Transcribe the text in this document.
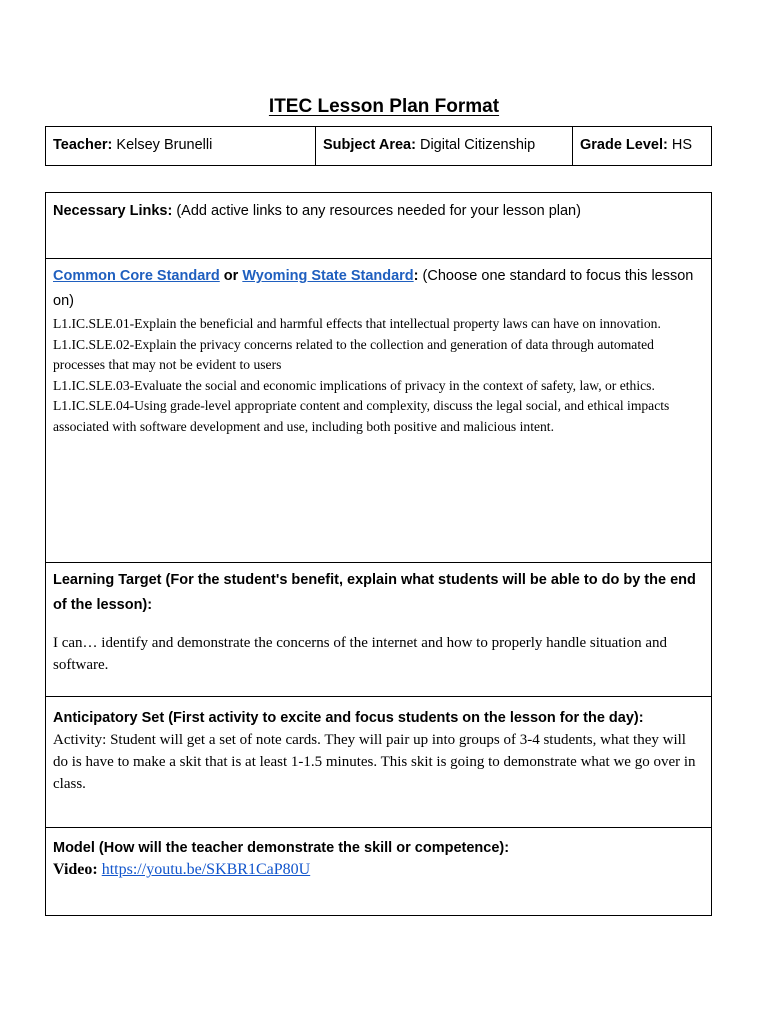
ITEC Lesson Plan Format
Teacher: Kelsey Brunelli	Subject Area: Digital Citizenship	Grade Level: HS
Necessary Links: (Add active links to any resources needed for your lesson plan)
Common Core Standard or Wyoming State Standard: (Choose one standard to focus this lesson on)

L1.IC.SLE.01-Explain the beneficial and harmful effects that intellectual property laws can have on innovation.

L1.IC.SLE.02-Explain the privacy concerns related to the collection and generation of data through automated processes that may not be evident to users

L1.IC.SLE.03-Evaluate the social and economic implications of privacy in the context of safety, law, or ethics.

L1.IC.SLE.04-Using grade-level appropriate content and complexity, discuss the legal social, and ethical impacts associated with software development and use, including both positive and malicious intent.

Learning Target (For the student's benefit, explain what students will be able to do by the end of the lesson):
I can… identify and demonstrate the concerns of the internet and how to properly handle situation and software.
Anticipatory Set (First activity to excite and focus students on the lesson for the day):
Activity: Student will get a set of note cards. They will pair up into groups of 3-4 students, what they will do is have to make a skit that is at least 1-1.5 minutes. This skit is going to demonstrate what we go over in class.
Model (How will the teacher demonstrate the skill or competence):
Video: https://youtu.be/SKBR1CaP80U
